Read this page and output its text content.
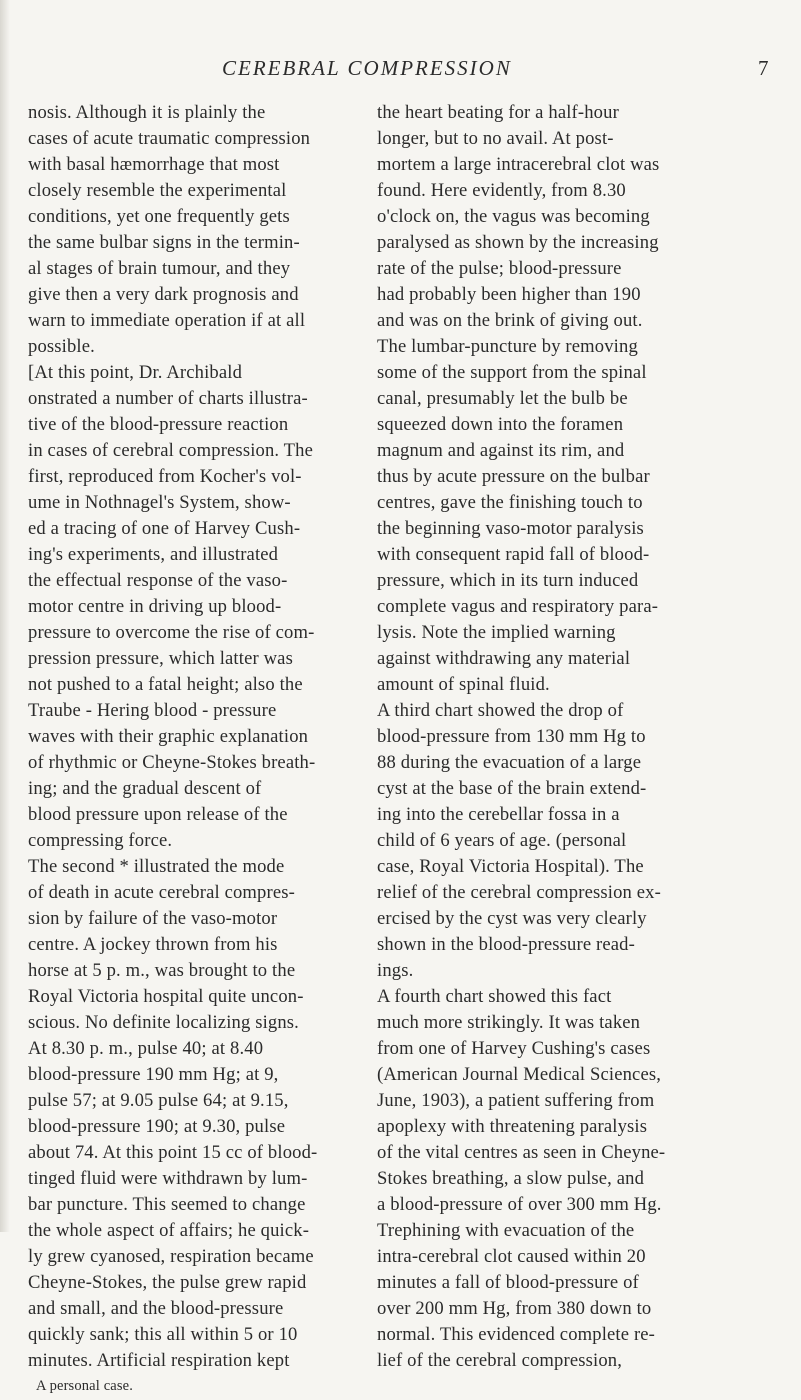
CEREBRAL COMPRESSION	7
nosis. Although it is plainly the
cases of acute traumatic compression
with basal hæmorrhage that most
closely resemble the experimental
conditions, yet one frequently gets
the same bulbar signs in the termin-
al stages of brain tumour, and they
give then a very dark prognosis and
warn to immediate operation if at all
possible.
[At this point, Dr. Archibald
onstrated a number of charts illustra-
tive of the blood-pressure reaction
in cases of cerebral compression. The
first, reproduced from Kocher's vol-
ume in Nothnagel's System, show-
ed a tracing of one of Harvey Cush-
ing's experiments, and illustrated
the effectual response of the vaso-
motor centre in driving up blood-
pressure to overcome the rise of com-
pression pressure, which latter was
not pushed to a fatal height; also the
Traube - Hering blood - pressure
waves with their graphic explanation
of rhythmic or Cheyne-Stokes breath-
ing; and the gradual descent of
blood pressure upon release of the
compressing force.
The second * illustrated the mode
of death in acute cerebral compres-
sion by failure of the vaso-motor
centre. A jockey thrown from his
horse at 5 p. m., was brought to the
Royal Victoria hospital quite uncon-
scious. No definite localizing signs.
At 8.30 p. m., pulse 40; at 8.40
blood-pressure 190 mm Hg; at 9,
pulse 57; at 9.05 pulse 64; at 9.15,
blood-pressure 190; at 9.30, pulse
about 74. At this point 15 cc of blood-
tinged fluid were withdrawn by lum-
bar puncture. This seemed to change
the whole aspect of affairs; he quick-
ly grew cyanosed, respiration became
Cheyne-Stokes, the pulse grew rapid
and small, and the blood-pressure
quickly sank; this all within 5 or 10
minutes. Artificial respiration kept
A personal case.
the heart beating for a half-hour
longer, but to no avail. At post-
mortem a large intracerebral clot was
found. Here evidently, from 8.30
o'clock on, the vagus was becoming
paralysed as shown by the increasing
rate of the pulse; blood-pressure
had probably been higher than 190
and was on the brink of giving out.
The lumbar-puncture by removing
some of the support from the spinal
canal, presumably let the bulb be
squeezed down into the foramen
magnum and against its rim, and
thus by acute pressure on the bulbar
centres, gave the finishing touch to
the beginning vaso-motor paralysis
with consequent rapid fall of blood-
pressure, which in its turn induced
complete vagus and respiratory para-
lysis. Note the implied warning
against withdrawing any material
amount of spinal fluid.
A third chart showed the drop of
blood-pressure from 130 mm Hg to
88 during the evacuation of a large
cyst at the base of the brain extend-
ing into the cerebellar fossa in a
child of 6 years of age. (personal
case, Royal Victoria Hospital). The
relief of the cerebral compression ex-
ercised by the cyst was very clearly
shown in the blood-pressure read-
ings.
A fourth chart showed this fact
much more strikingly. It was taken
from one of Harvey Cushing's cases
(American Journal Medical Sciences,
June, 1903), a patient suffering from
apoplexy with threatening paralysis
of the vital centres as seen in Cheyne-
Stokes breathing, a slow pulse, and
a blood-pressure of over 300 mm Hg.
Trephining with evacuation of the
intra-cerebral clot caused within 20
minutes a fall of blood-pressure of
over 200 mm Hg, from 380 down to
normal. This evidenced complete re-
lief of the cerebral compression,
